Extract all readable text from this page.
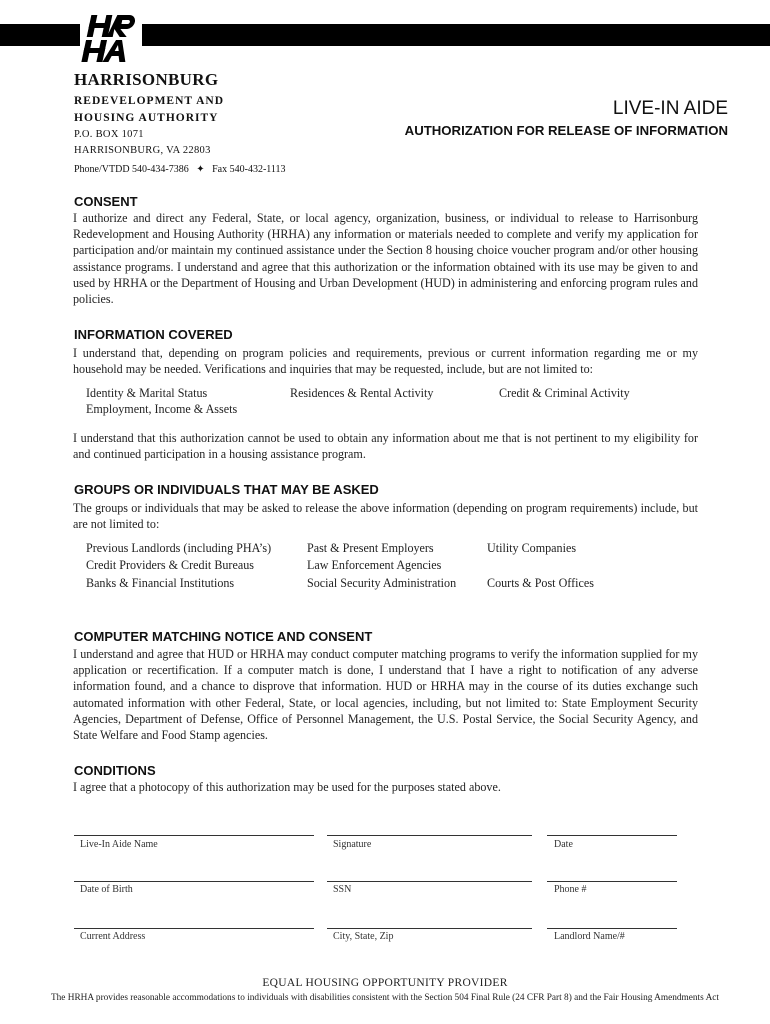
HARRISONBURG
REDEVELOPMENT AND
HOUSING AUTHORITY
P.O. BOX 1071
HARRISONBURG, VA 22803
Phone/VTDD 540-434-7386 ✦ Fax 540-432-1113
LIVE-IN AIDE
AUTHORIZATION FOR RELEASE OF INFORMATION
CONSENT
I authorize and direct any Federal, State, or local agency, organization, business, or individual to release to Harrisonburg Redevelopment and Housing Authority (HRHA) any information or materials needed to complete and verify my application for participation and/or maintain my continued assistance under the Section 8 housing choice voucher program and/or other housing assistance programs. I understand and agree that this authorization or the information obtained with its use may be given to and used by HRHA or the Department of Housing and Urban Development (HUD) in administering and enforcing program rules and policies.
INFORMATION COVERED
I understand that, depending on program policies and requirements, previous or current information regarding me or my household may be needed. Verifications and inquiries that may be requested, include, but are not limited to:
Identity & Marital Status	Residences & Rental Activity	Credit & Criminal Activity
Employment, Income & Assets
I understand that this authorization cannot be used to obtain any information about me that is not pertinent to my eligibility for and continued participation in a housing assistance program.
GROUPS OR INDIVIDUALS THAT MAY BE ASKED
The groups or individuals that may be asked to release the above information (depending on program requirements) include, but are not limited to:
Previous Landlords (including PHA’s)	Past & Present Employers	Utility Companies
Credit Providers & Credit Bureaus	Law Enforcement Agencies
Banks & Financial Institutions	Social Security Administration	Courts & Post Offices
COMPUTER MATCHING NOTICE AND CONSENT
I understand and agree that HUD or HRHA may conduct computer matching programs to verify the information supplied for my application or recertification. If a computer match is done, I understand that I have a right to notification of any adverse information found, and a chance to disprove that information. HUD or HRHA may in the course of its duties exchange such automated information with other Federal, State, or local agencies, including, but not limited to: State Employment Security Agencies, Department of Defense, Office of Personnel Management, the U.S. Postal Service, the Social Security Agency, and State Welfare and Food Stamp agencies.
CONDITIONS
I agree that a photocopy of this authorization may be used for the purposes stated above.
Live-In Aide Name	Signature	Date
Date of Birth	SSN	Phone #
Current Address	City, State, Zip	Landlord Name/#
EQUAL HOUSING OPPORTUNITY PROVIDER
The HRHA provides reasonable accommodations to individuals with disabilities consistent with the Section 504 Final Rule (24 CFR Part 8) and the Fair Housing Amendments Act
